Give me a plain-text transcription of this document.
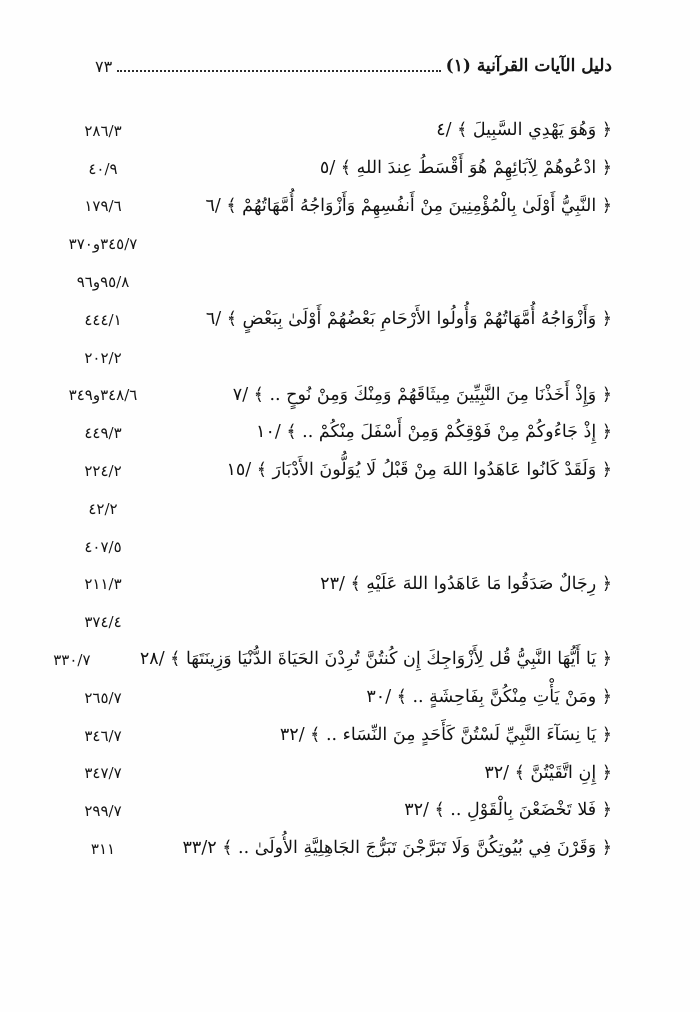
دليل الآيات القرآنية (١)
٧٣
﴿ وَهُوَ يَهْدِي السَّبِيلَ ﴾ /٤
٢٨٦/٣
﴿ ادْعُوهُمْ لِآبَائِهِمْ هُوَ أَقْسَطُ عِندَ اللهِ ﴾ /٥
٤٠/٩
﴿ النَّبِيُّ أَوْلَىٰ بِالْمُؤْمِنِينَ مِنْ أَنفُسِهِمْ وَأَزْوَاجُهُ أُمَّهَاتُهُمْ ﴾ /٦
١٧٩/٦
٣٤٥/٧و٣٧٠
٩٥/٨و٩٦
﴿ وَأَزْوَاجُهُ أُمَّهَاتُهُمْ وَأُولُوا الأَرْحَامِ بَعْضُهُمْ أَوْلَىٰ بِبَعْضٍ ﴾ /٦
٤٤٤/١
٢٠٢/٢
﴿ وَإِذْ أَخَذْنَا مِنَ النَّبِيِّينَ مِيثَاقَهُمْ وَمِنْكَ وَمِنْ نُوحٍ .. ﴾ /٧
٣٤٨/٦و٣٤٩
﴿ إِذْ جَاءُوكُمْ مِنْ فَوْقِكُمْ وَمِنْ أَسْفَلَ مِنْكُمْ .. ﴾ /١٠
٤٤٩/٣
﴿ وَلَقَدْ كَانُوا عَاهَدُوا اللهَ مِنْ قَبْلُ لَا يُوَلُّونَ الأَدْبَارَ ﴾ /١٥
٢٢٤/٢
٤٢/٢
٤٠٧/٥
﴿ رِجَالٌ صَدَقُوا مَا عَاهَدُوا اللهَ عَلَيْهِ ﴾ /٢٣
٢١١/٣
٣٧٤/٤
﴿ يَا أَيُّهَا النَّبِيُّ قُل لِأَزْوَاجِكَ إِن كُنتُنَّ تُرِدْنَ الحَيَاةَ الدُّنْيَا وَزِينَتَهَا ﴾ /٢٨
٣٣٠/٧
﴿ ومَنْ يَأْتِ مِنْكُنَّ بِفَاحِشَةٍ .. ﴾ /٣٠
٢٦٥/٧
﴿ يَا نِسَآءَ النَّبِيِّ لَسْتُنَّ كَأَحَدٍ مِنَ النِّسَاء .. ﴾ /٣٢
٣٤٦/٧
﴿ إِنِ اتَّقَيْتُنَّ ﴾ /٣٢
٣٤٧/٧
﴿ فَلا تَخْضَعْنَ بِالْقَوْلِ .. ﴾ /٣٢
٢٩٩/٧
﴿ وَقَرْنَ فِي بُيُوتِكُنَّ وَلَا تَبَرَّجْنَ تَبَرُّجَ الجَاهِلِيَّةِ الأُولَىٰ .. ﴾ ٣٣/٢
٣١١
